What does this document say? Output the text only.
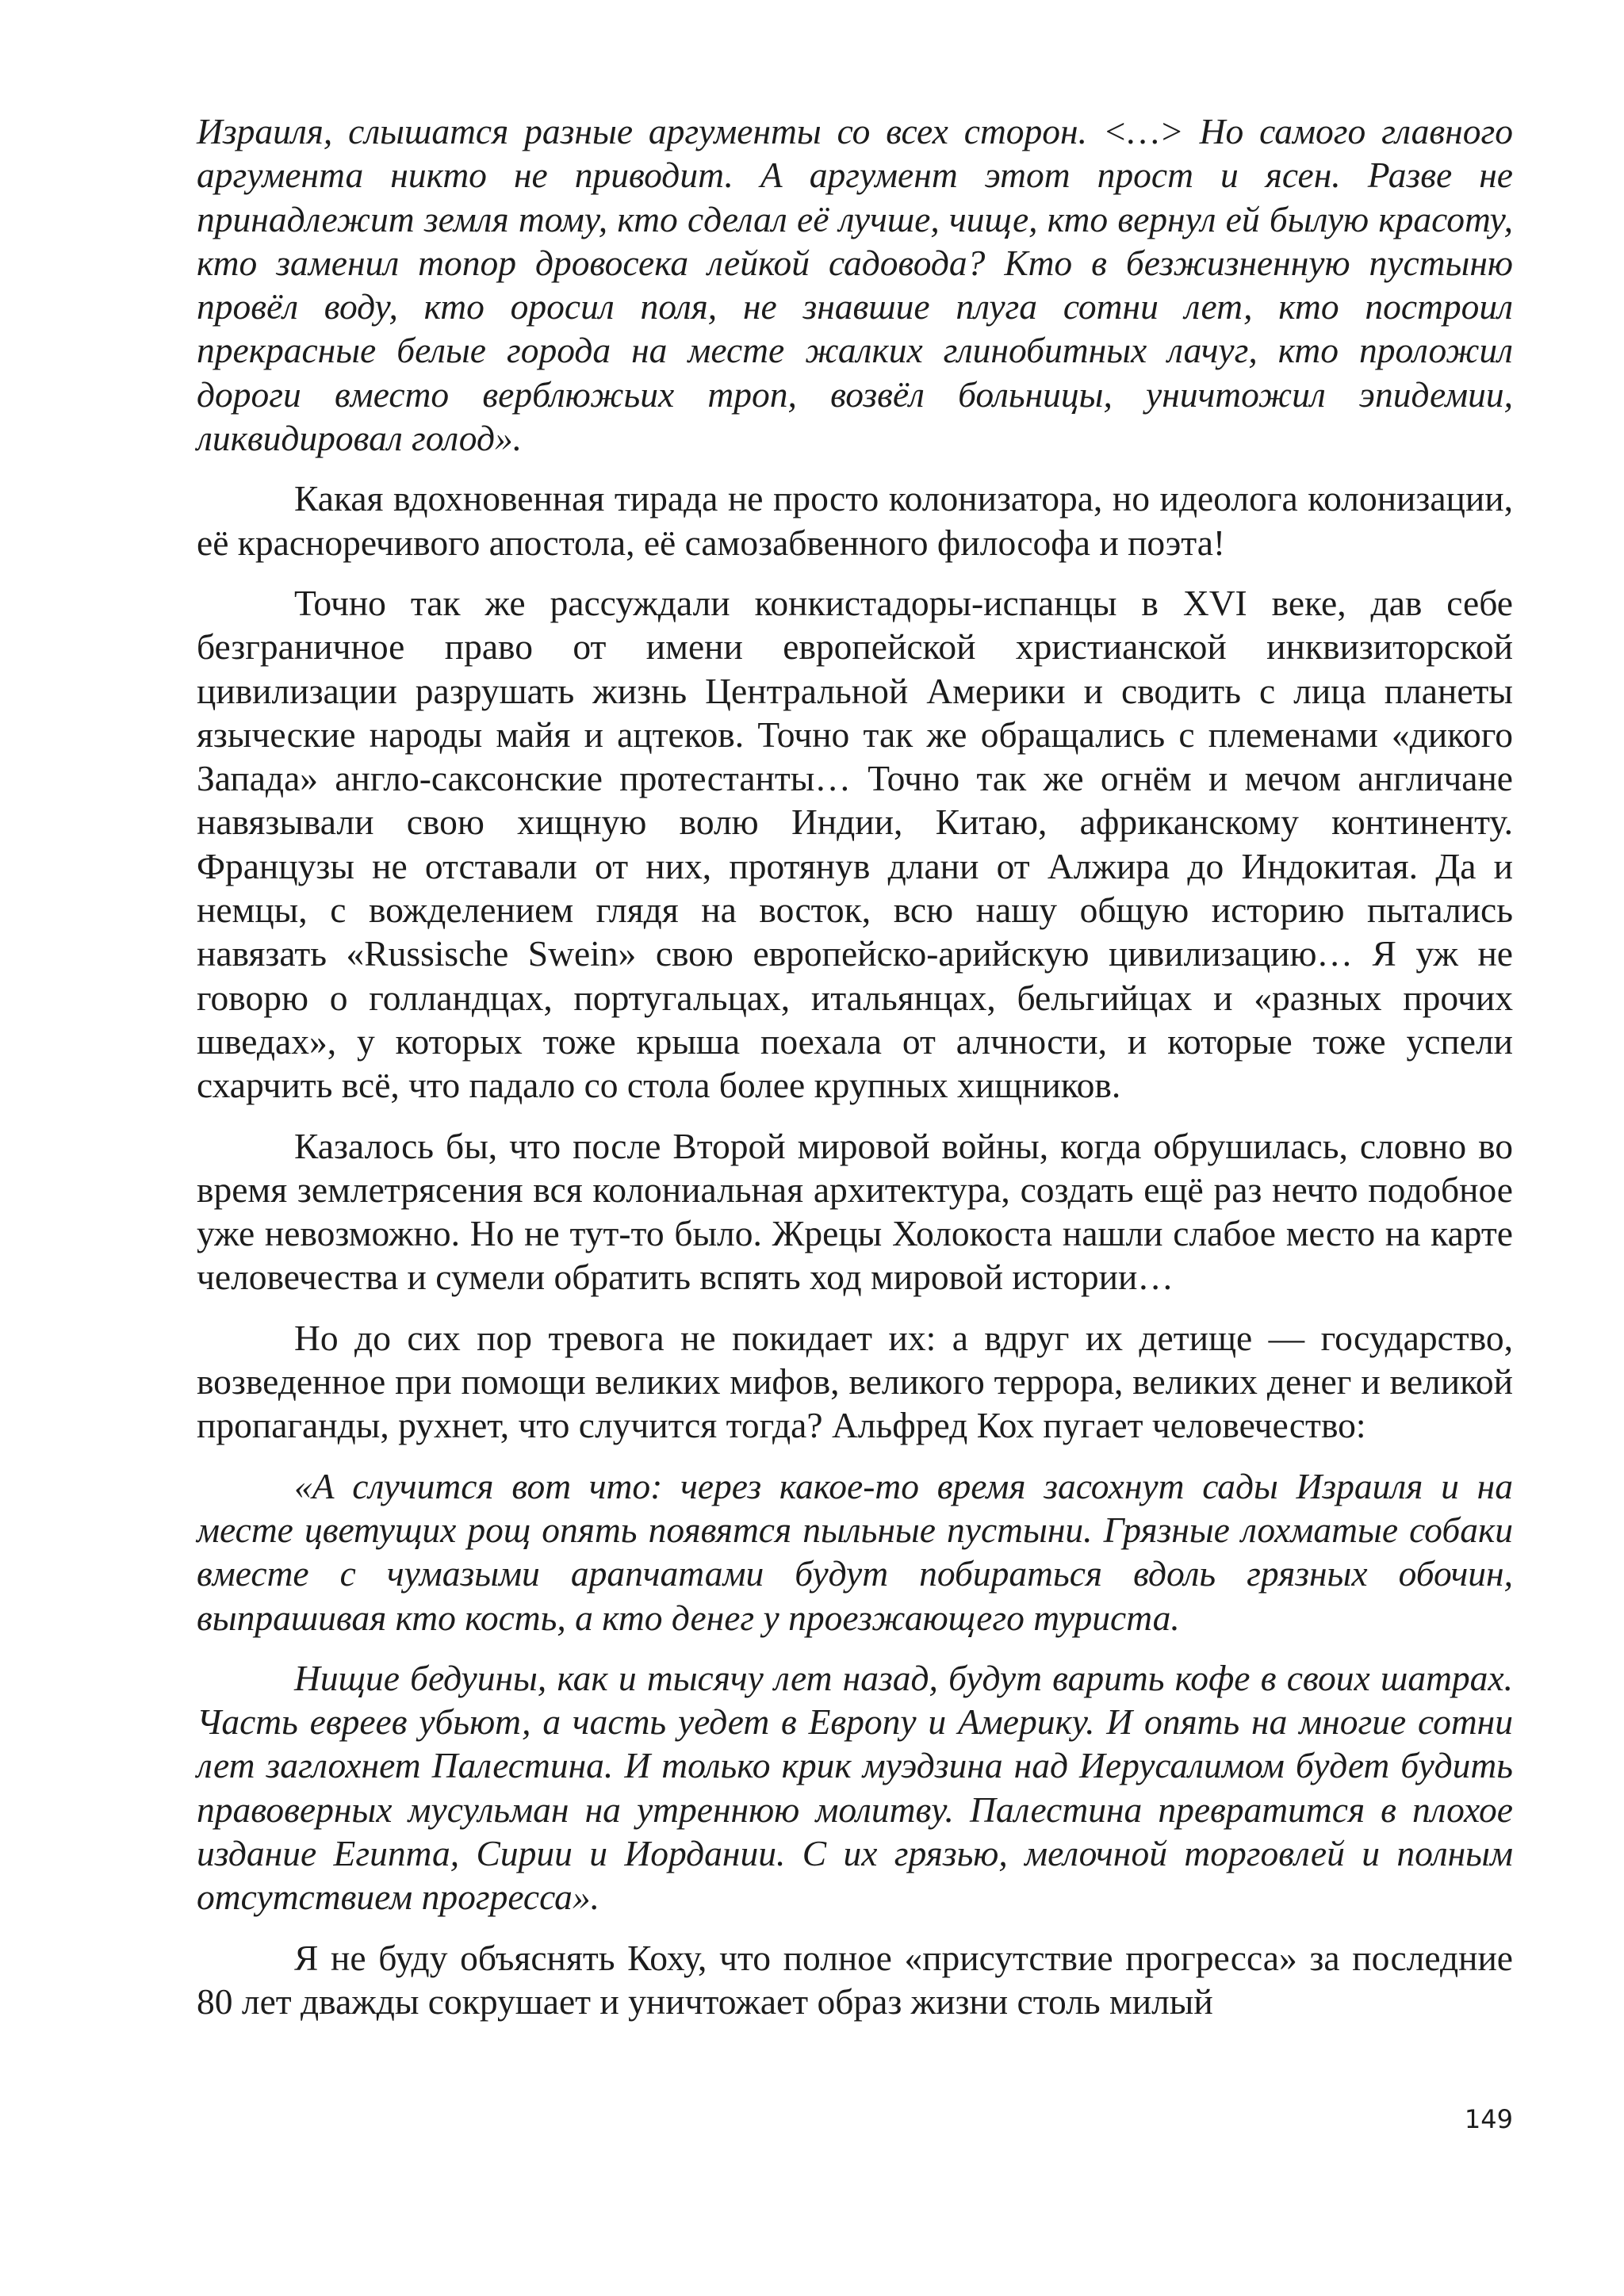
Израиля, слышатся разные аргументы со всех сторон. <…> Но самого главного аргумента никто не приводит. А аргумент этот прост и ясен. Разве не принадлежит земля тому, кто сделал её лучше, чище, кто вернул ей былую красоту, кто заменил топор дровосека лейкой садовода? Кто в безжизненную пустыню провёл воду, кто оросил поля, не знавшие плуга сотни лет, кто построил прекрасные белые города на месте жалких глинобитных лачуг, кто проложил дороги вместо верблюжьих троп, возвёл больницы, уничтожил эпидемии, ликвидировал голод».

Какая вдохновенная тирада не просто колонизатора, но идеолога колонизации, её красноречивого апостола, её самозабвенного философа и поэта!

Точно так же рассуждали конкистадоры-испанцы в XVI веке, дав себе безграничное право от имени европейской христианской инквизиторской цивилизации разрушать жизнь Центральной Америки и сводить с лица планеты языческие народы майя и ацтеков. Точно так же обращались с племенами «дикого Запада» англо-саксонские протестанты… Точно так же огнём и мечом англичане навязывали свою хищную волю Индии, Китаю, африканскому континенту. Французы не отставали от них, протянув длани от Алжира до Индокитая. Да и немцы, с вожделением глядя на восток, всю нашу общую историю пытались навязать «Russische Swein» свою европейско-арийскую цивилизацию… Я уж не говорю о голландцах, португальцах, итальянцах, бельгийцах и «разных прочих шведах», у которых тоже крыша поехала от алчности, и которые тоже успели схарчить всё, что падало со стола более крупных хищников.

Казалось бы, что после Второй мировой войны, когда обрушилась, словно во время землетрясения вся колониальная архитектура, создать ещё раз нечто подобное уже невозможно. Но не тут-то было. Жрецы Холокоста нашли слабое место на карте человечества и сумели обратить вспять ход мировой истории…

Но до сих пор тревога не покидает их: а вдруг их детище — государство, возведенное при помощи великих мифов, великого террора, великих денег и великой пропаганды, рухнет, что случится тогда? Альфред Кох пугает человечество:

«А случится вот что: через какое-то время засохнут сады Израиля и на месте цветущих рощ опять появятся пыльные пустыни. Грязные лохматые собаки вместе с чумазыми арапчатами будут побираться вдоль грязных обочин, выпрашивая кто кость, а кто денег у проезжающего туриста.

Нищие бедуины, как и тысячу лет назад, будут варить кофе в своих шатрах. Часть евреев убьют, а часть уедет в Европу и Америку. И опять на многие сотни лет заглохнет Палестина. И только крик муэдзина над Иерусалимом будет будить правоверных мусульман на утреннюю молитву. Палестина превратится в плохое издание Египта, Сирии и Иордании. С их грязью, мелочной торговлей и полным отсутствием прогресса».

Я не буду объяснять Коху, что полное «присутствие прогресса» за последние 80 лет дважды сокрушает и уничтожает образ жизни столь милый

149
